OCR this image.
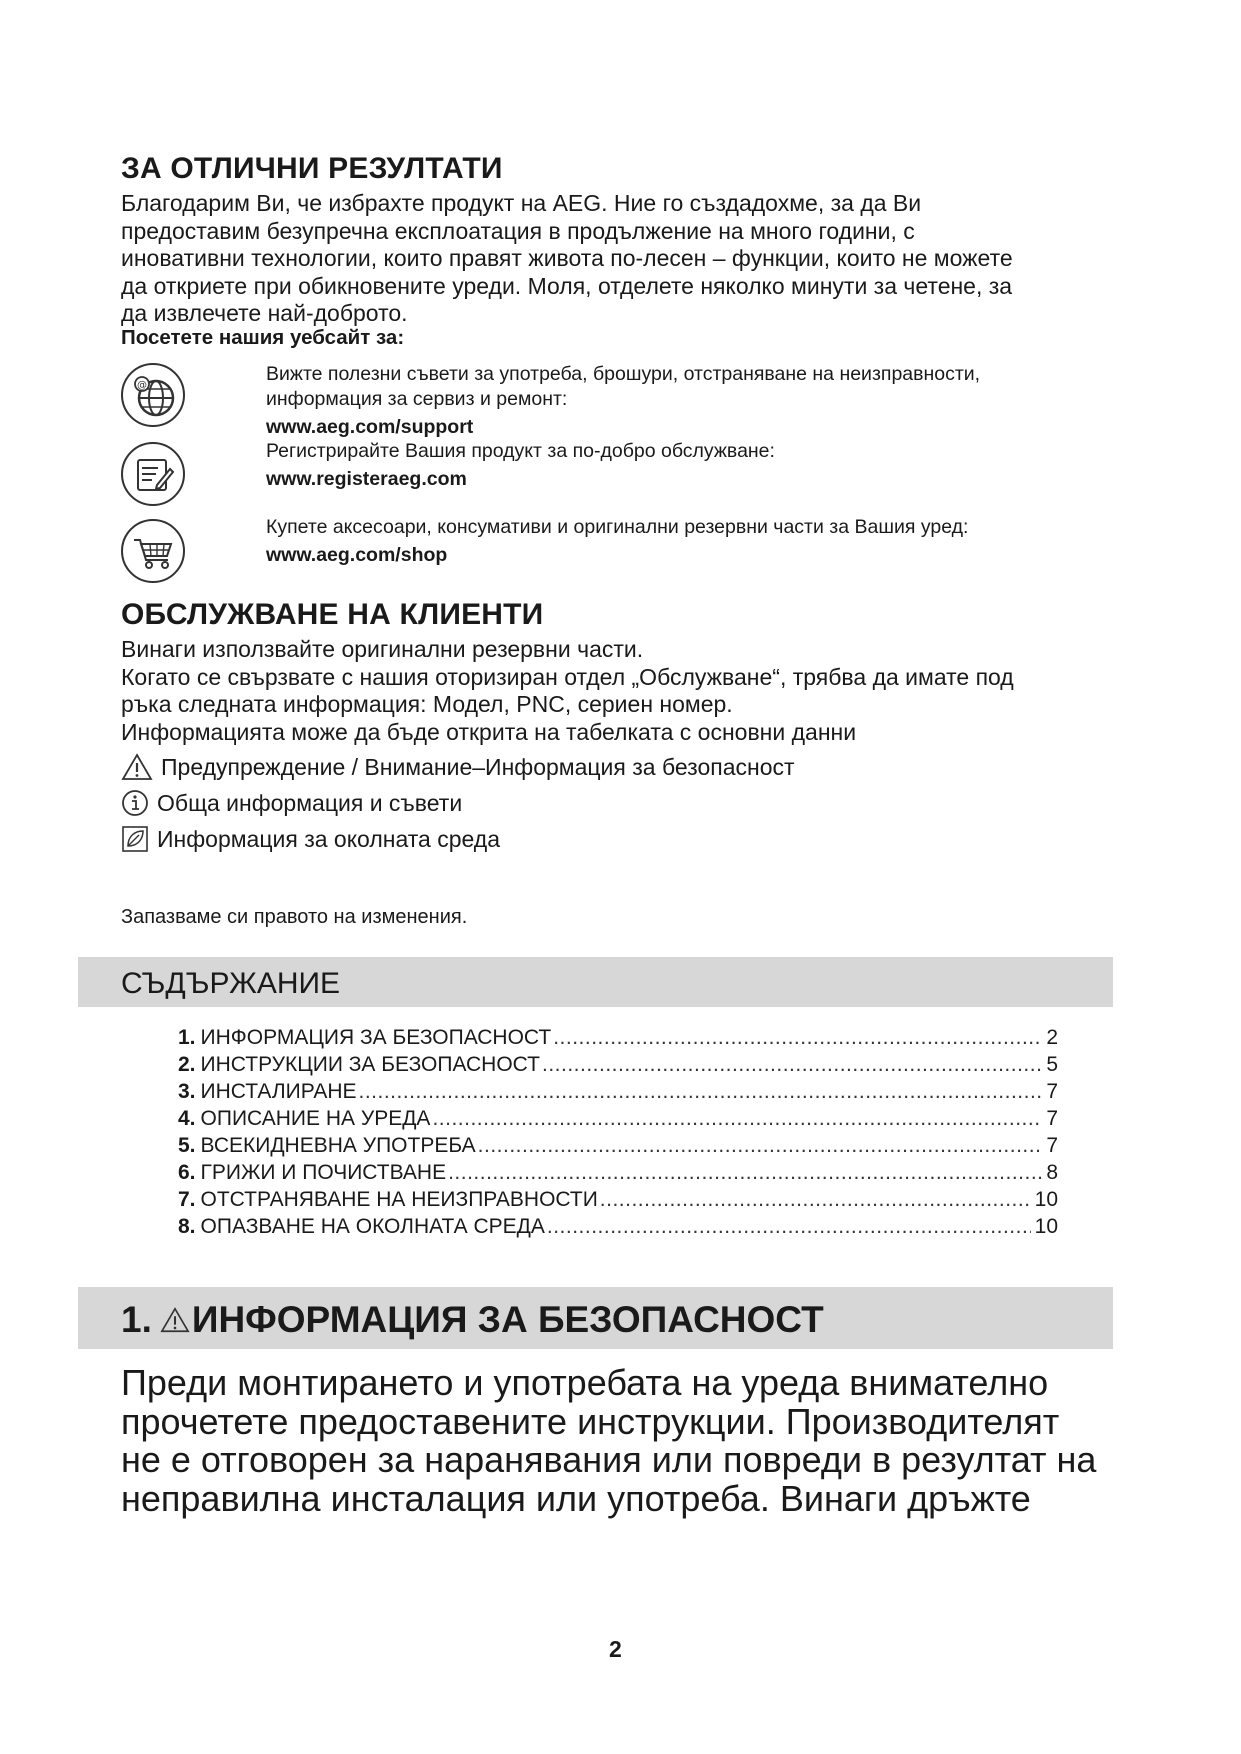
ЗА ОТЛИЧНИ РЕЗУЛТАТИ
Благодарим Ви, че избрахте продукт на AEG. Ние го създадохме, за да Ви
предоставим безупречна експлоатация в продължение на много години, с
иновативни технологии, които правят живота по-лесен – функции, които не можете
да откриете при обикновените уреди. Моля, отделете няколко минути за четене, за
да извлечете най-доброто.
Посетете нашия уебсайт за:
@
Вижте полезни съвети за употреба, брошури, отстраняване на неизправности,
информация за сервиз и ремонт:
www.aeg.com/support
Регистрирайте Вашия продукт за по-добро обслужване:
www.registeraeg.com
Купете аксесоари, консумативи и оригинални резервни части за Вашия уред:
www.aeg.com/shop
ОБСЛУЖВАНЕ НА КЛИЕНТИ
Винаги използвайте оригинални резервни части.
Когато се свързвате с нашия оторизиран отдел „Обслужване“, трябва да имате под
ръка следната информация: Модел, PNC, сериен номер.
Информацията може да бъде открита на табелката с основни данни
Предупреждение / Внимание–Информация за безопасност
Обща информация и съвети
Информация за околната среда
Запазваме си правото на изменения.
СЪДЪРЖАНИЕ
1. ИНФОРМАЦИЯ ЗА БЕЗОПАСНОСТ .....	2
2. ИНСТРУКЦИИ ЗА БЕЗОПАСНОСТ .....	5
3. ИНСТАЛИРАНЕ .....	7
4. ОПИСАНИЕ НА УРЕДА .....	7
5. ВСЕКИДНЕВНА УПОТРЕБА .....	7
6. ГРИЖИ И ПОЧИСТВАНЕ .....	8
7. ОТСТРАНЯВАНЕ НА НЕИЗПРАВНОСТИ .....	10
8. ОПАЗВАНЕ НА ОКОЛНАТА СРЕДА .....	10
1. ИНФОРМАЦИЯ ЗА БЕЗОПАСНОСТ
Преди монтирането и употребата на уреда внимателно
прочетете предоставените инструкции. Производителят
не е отговорен за наранявания или повреди в резултат на
неправилна инсталация или употреба. Винаги дръжте
2
